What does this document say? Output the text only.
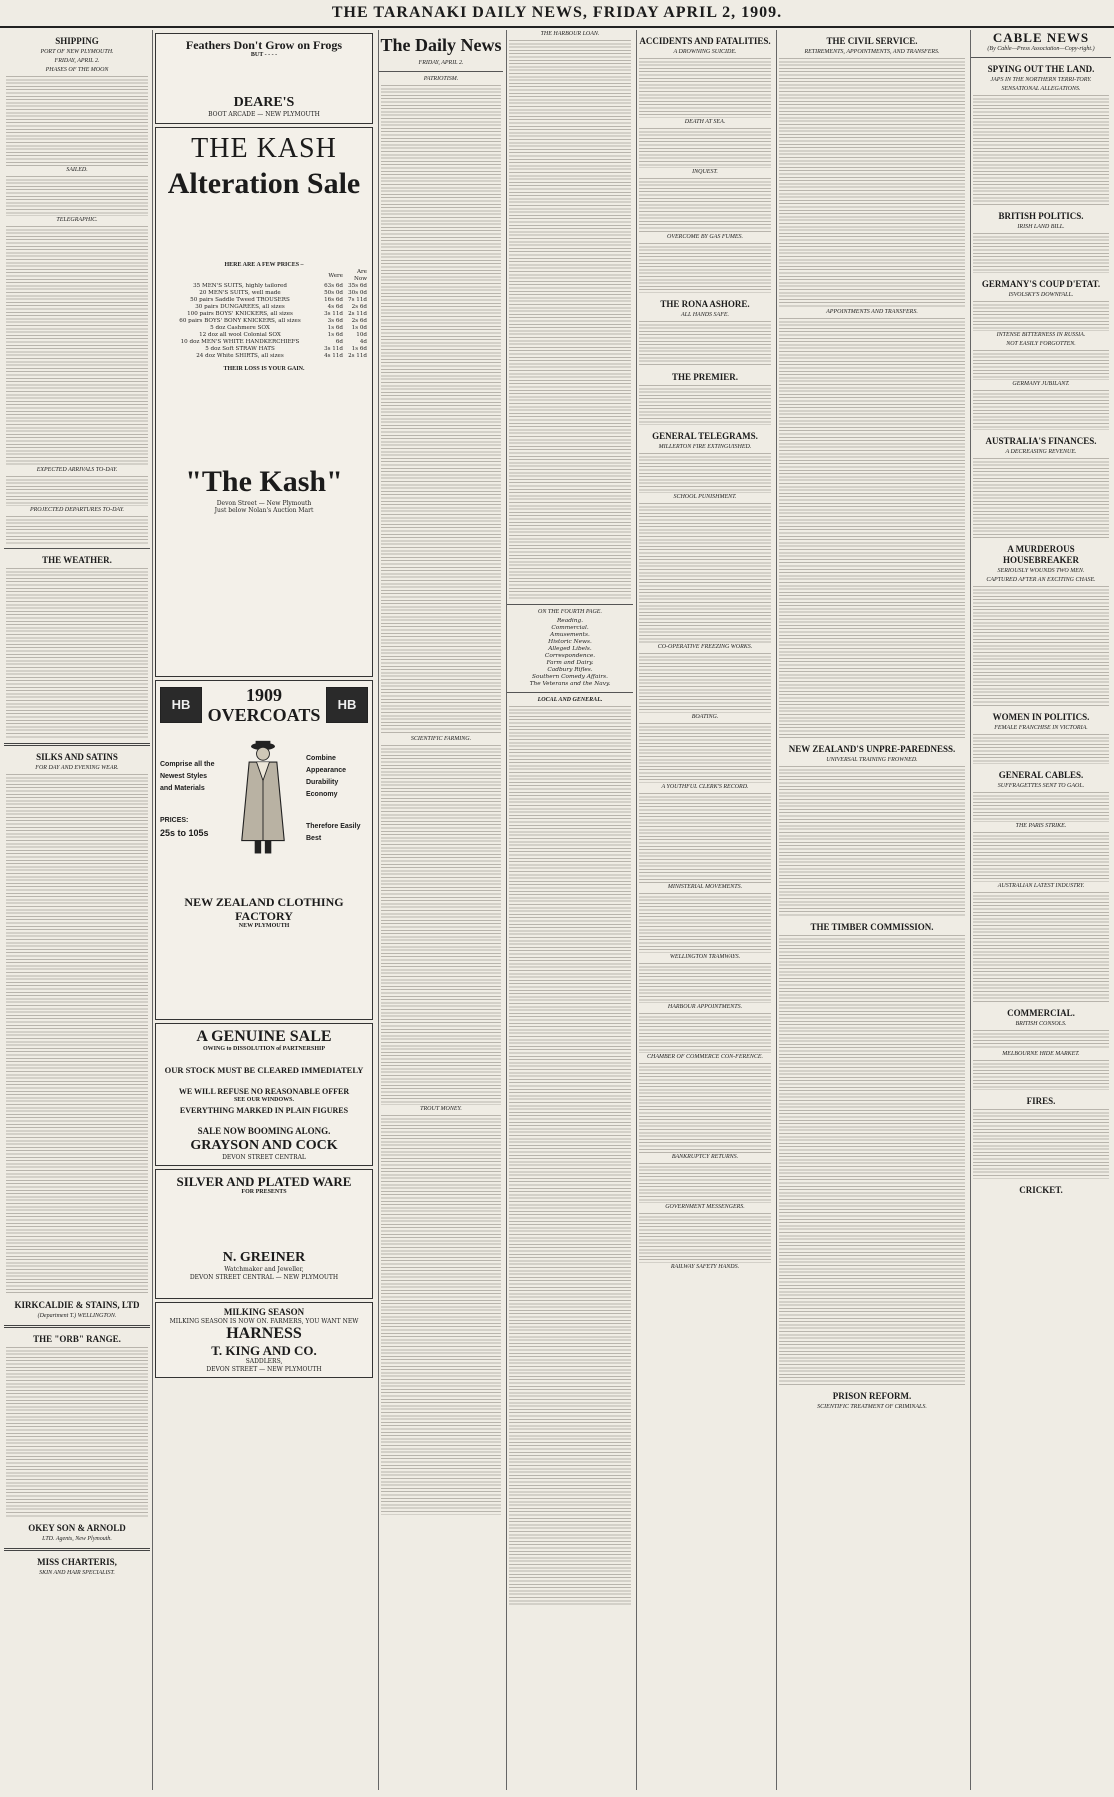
THE TARANAKI DAILY NEWS, FRIDAY APRIL 2, 1909.
SHIPPING
PORT OF NEW PLYMOUTH.
FRIDAY, APRIL 2.
PHASES OF THE MOON
SAILED.
TELEGRAPHIC.
EXPECTED ARRIVALS TO-DAY.
PROJECTED DEPARTURES TO-DAY.
THE WEATHER.
SILKS AND SATINS
FOR DAY AND EVENING WEAR.
KIRKCALDIE & STAINS, LTD
(Department T.) WELLINGTON.
THE "ORB" RANGE.
OKEY SON & ARNOLD
LTD. Agents, New Plymouth.
MISS CHARTERIS,
SKIN AND HAIR SPECIALIST.
Feathers Don't Grow on Frogs
BUT - - - -
DEARE'S
BOOT ARCADE — NEW PLYMOUTH
THE KASH
Alteration Sale
HERE ARE A FEW PRICES –
	Were	Are Now
35 MEN'S SUITS, highly tailored	63s 6d	35s 6d
20 MEN'S SUITS, well made	50s 0d	30s 0d
50 pairs Saddle Tweed TROUSERS	16s 6d	7s 11d
30 pairs DUNGAREES, all sizes	4s 6d	2s 6d
100 pairs BOYS' KNICKERS, all sizes	3s 11d	2s 11d
60 pairs BOYS' BONY KNICKERS, all sizes	3s 6d	2s 6d
5 doz Cashmere SOX	1s 6d	1s 0d
12 doz all wool Colonial SOX	1s 6d	10d
10 doz MEN'S WHITE HANDKERCHIEFS	6d	4d
5 doz Soft STRAW HATS	3s 11d	1s 6d
24 doz White SHIRTS, all sizes	4s 11d	2s 11d
THEIR LOSS IS YOUR GAIN.
"The Kash"
Devon Street — New Plymouth
Just below Nolan's Auction Mart
HB	1909
OVERCOATS
HB
Comprise all the Newest Styles and Materials
PRICES:
25s to 105s
Combine Appearance Durability Economy
Therefore Easily Best
NEW ZEALAND CLOTHING FACTORY
NEW PLYMOUTH
A GENUINE SALE
OWING to DISSOLUTION of PARTNERSHIP
OUR STOCK MUST BE CLEARED IMMEDIATELY
WE WILL REFUSE NO REASONABLE OFFER
SEE OUR WINDOWS.
EVERYTHING MARKED IN PLAIN FIGURES
SALE NOW BOOMING ALONG.
GRAYSON AND COCK
DEVON STREET CENTRAL
SILVER AND PLATED WARE
FOR PRESENTS
N. GREINER
Watchmaker and Jeweller,
DEVON STREET CENTRAL — NEW PLYMOUTH
MILKING SEASON
MILKING SEASON IS NOW ON. FARMERS, YOU WANT NEW
HARNESS
T. KING AND CO.
SADDLERS,
DEVON STREET — NEW PLYMOUTH
The Daily News
FRIDAY, APRIL 2.
PATRIOTISM.
SCIENTIFIC FARMING.
TROUT MONEY.
THE HARBOUR LOAN.
ON THE FOURTH PAGE.
Reading.
Commercial.
Amusements.
Historic News.
Alleged Libels.
Correspondence.
Farm and Dairy.
Cadbury Rifles.
Southern Comedy Affairs.
The Veterans and the Navy.
LOCAL AND GENERAL.
ACCIDENTS AND FATALITIES.
A DROWNING SUICIDE.
DEATH AT SEA.
INQUEST.
OVERCOME BY GAS FUMES.
THE RONA ASHORE.
ALL HANDS SAFE.
THE PREMIER.
GENERAL TELEGRAMS.
MILLERTON FIRE EXTINGUISHED.
SCHOOL PUNISHMENT.
CO-OPERATIVE FREEZING WORKS.
BOATING.
A YOUTHFUL CLERK'S RECORD.
MINISTERIAL MOVEMENTS.
WELLINGTON TRAMWAYS.
HARBOUR APPOINTMENTS.
CHAMBER OF COMMERCE CON-FERENCE.
BANKRUPTCY RETURNS.
GOVERNMENT MESSENGERS.
RAILWAY SAFETY HANDS.
THE CIVIL SERVICE.
RETIREMENTS, APPOINTMENTS, AND TRANSFERS.
APPOINTMENTS AND TRANSFERS.
NEW ZEALAND'S UNPRE-PAREDNESS.
UNIVERSAL TRAINING FROWNED.
THE TIMBER COMMISSION.
PRISON REFORM.
SCIENTIFIC TREATMENT OF CRIMINALS.
CABLE NEWS
(By Cable—Press Association—Copy-right.)
SPYING OUT THE LAND.
JAPS IN THE NORTHERN TERRI-TORY.
SENSATIONAL ALLEGATIONS.
BRITISH POLITICS.
IRISH LAND BILL.
GERMANY'S COUP D'ETAT.
ISVOLSKY'S DOWNFALL.
INTENSE BITTERNESS IN RUSSIA.
NOT EASILY FORGOTTEN.
GERMANY JUBILANT.
AUSTRALIA'S FINANCES.
A DECREASING REVENUE.
A MURDEROUS HOUSEBREAKER
SERIOUSLY WOUNDS TWO MEN.
CAPTURED AFTER AN EXCITING CHASE.
WOMEN IN POLITICS.
FEMALE FRANCHISE IN VICTORIA.
GENERAL CABLES.
SUFFRAGETTES SENT TO GAOL.
THE PARIS STRIKE.
AUSTRALIAN LATEST INDUSTRY.
COMMERCIAL.
BRITISH CONSOLS.
MELBOURNE HIDE MARKET.
FIRES.
CRICKET.
